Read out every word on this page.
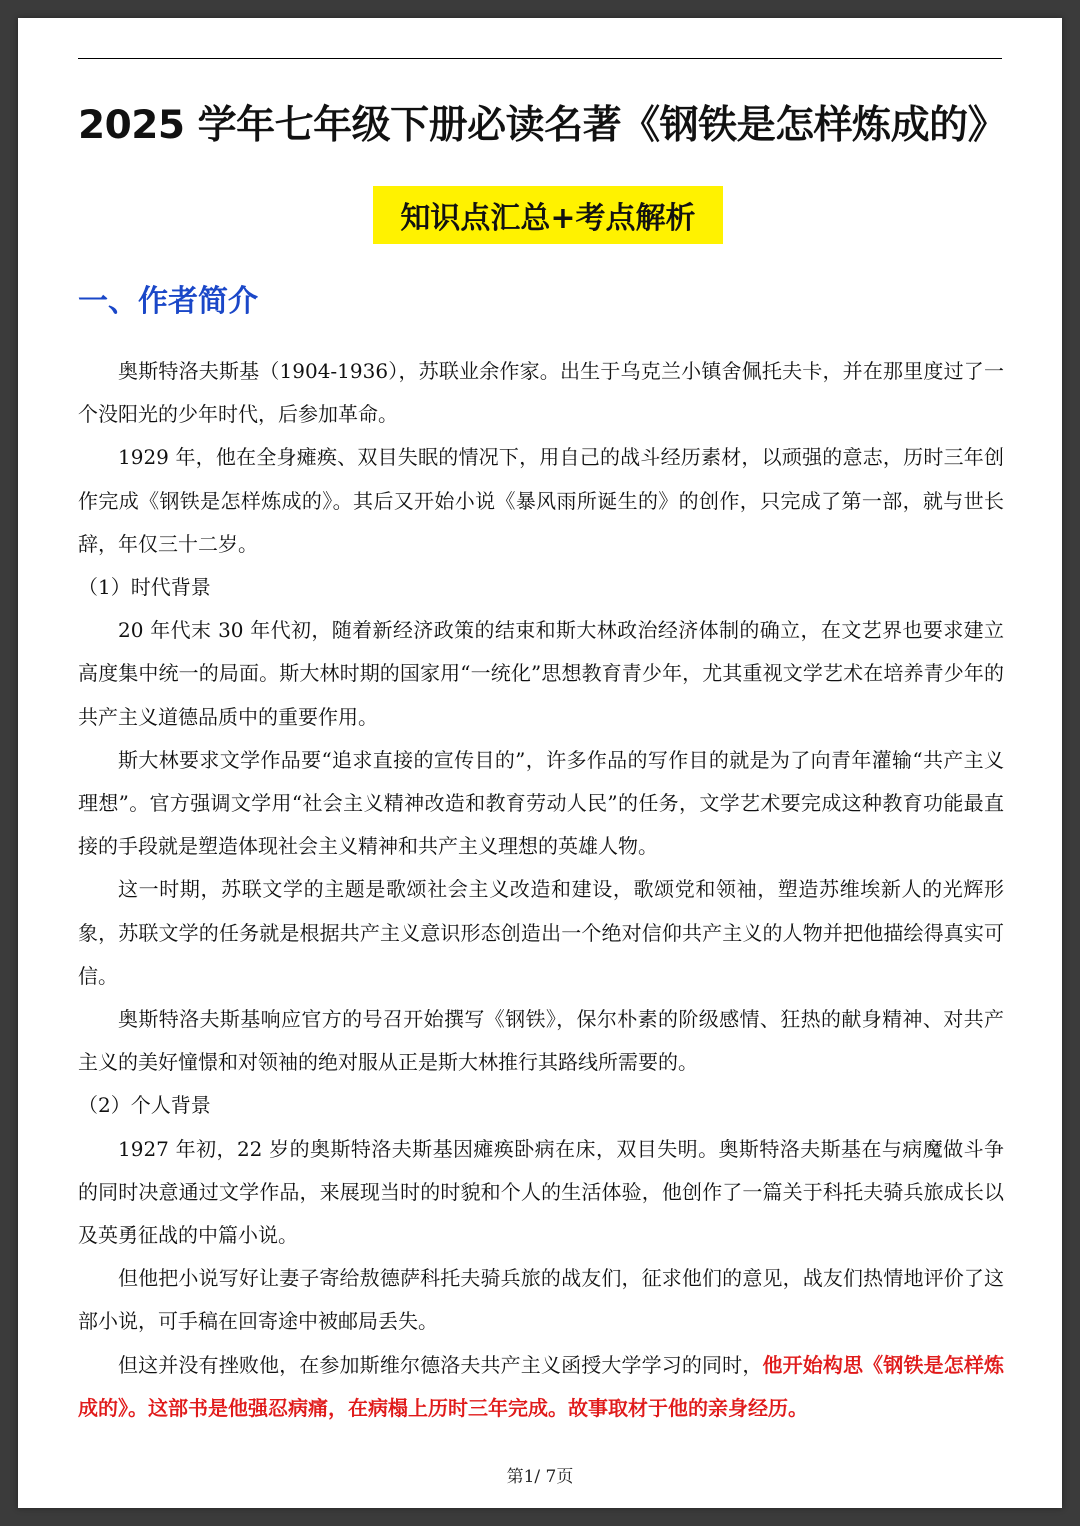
2025 学年七年级下册必读名著《钢铁是怎样炼成的》
知识点汇总+考点解析
一、作者简介

奥斯特洛夫斯基（1904-1936），苏联业余作家。出生于乌克兰小镇舍佩托夫卡，并在那里度过了一个没阳光的少年时代，后参加革命。

1929 年，他在全身瘫痪、双目失眠的情况下，用自己的战斗经历素材，以顽强的意志，历时三年创作完成《钢铁是怎样炼成的》。其后又开始小说《暴风雨所诞生的》的创作，只完成了第一部，就与世长辞，年仅三十二岁。

（1）时代背景

20 年代末 30 年代初，随着新经济政策的结束和斯大林政治经济体制的确立，在文艺界也要求建立高度集中统一的局面。斯大林时期的国家用“一统化”思想教育青少年，尤其重视文学艺术在培养青少年的共产主义道德品质中的重要作用。

斯大林要求文学作品要“追求直接的宣传目的”，许多作品的写作目的就是为了向青年灌输“共产主义理想”。官方强调文学用“社会主义精神改造和教育劳动人民”的任务，文学艺术要完成这种教育功能最直接的手段就是塑造体现社会主义精神和共产主义理想的英雄人物。

这一时期，苏联文学的主题是歌颂社会主义改造和建设，歌颂党和领袖，塑造苏维埃新人的光辉形象，苏联文学的任务就是根据共产主义意识形态创造出一个绝对信仰共产主义的人物并把他描绘得真实可信。

奥斯特洛夫斯基响应官方的号召开始撰写《钢铁》，保尔朴素的阶级感情、狂热的献身精神、对共产主义的美好憧憬和对领袖的绝对服从正是斯大林推行其路线所需要的。

（2）个人背景

1927 年初，22 岁的奥斯特洛夫斯基因瘫痪卧病在床，双目失明。奥斯特洛夫斯基在与病魔做斗争的同时决意通过文学作品，来展现当时的时貌和个人的生活体验，他创作了一篇关于科托夫骑兵旅成长以及英勇征战的中篇小说。

但他把小说写好让妻子寄给敖德萨科托夫骑兵旅的战友们，征求他们的意见，战友们热情地评价了这部小说，可手稿在回寄途中被邮局丢失。

但这并没有挫败他，在参加斯维尔德洛夫共产主义函授大学学习的同时，他开始构思《钢铁是怎样炼成的》。这部书是他强忍病痛，在病榻上历时三年完成。故事取材于他的亲身经历。

第1/ 7页
